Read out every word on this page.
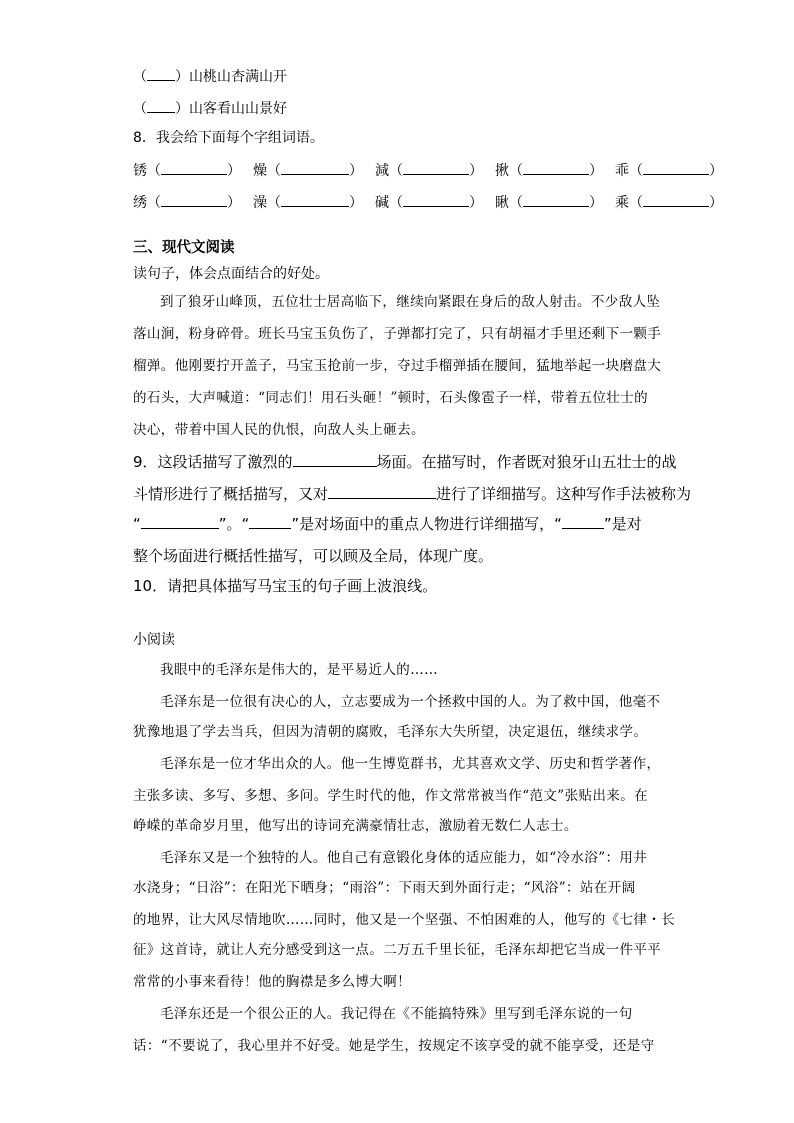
（ ）山桃山杏满山开
（ ）山客看山山景好
8．我会给下面每个字组词语。
锈（	） 燥（	） 減（	） 揪（	） 乖（	）
绣（	） 澡（	） 碱（	） 瞅（	） 乘（	）
三、现代文阅读
读句子，体会点面结合的好处。
到了狼牙山峰顶，五位壮士居高临下，继续向紧跟在身后的敌人射击。不少敌人坠
落山涧，粉身碎骨。班长马宝玉负伤了，子弹都打完了，只有胡福才手里还剩下一颗手
榴弹。他刚要拧开盖子，马宝玉抢前一步，夺过手榴弹插在腰间，猛地举起一块磨盘大
的石头，大声喊道：“同志们！用石头砸！”顿时，石头像雹子一样，带着五位壮士的
决心，带着中国人民的仇恨，向敌人头上砸去。
9．这段话描写了激烈的	场面。在描写时，作者既对狼牙山五壮士的战
斗情形进行了概括描写，又对	进行了详细描写。这种写作手法被称为
“	”。“	”是对场面中的重点人物进行详细描写，“	”是对
整个场面进行概括性描写，可以顾及全局，体现广度。
10．请把具体描写马宝玉的句子画上波浪线。
小阅读
我眼中的毛泽东是伟大的，是平易近人的……
毛泽东是一位很有决心的人，立志要成为一个拯救中国的人。为了救中国，他毫不
犹豫地退了学去当兵，但因为清朝的腐败，毛泽东大失所望，决定退伍，继续求学。
毛泽东是一位才华出众的人。他一生博览群书，尤其喜欢文学、历史和哲学著作，
主张多读、多写、多想、多问。学生时代的他，作文常常被当作“范文”张贴出来。在
峥嵘的革命岁月里，他写出的诗词充满豪情壮志，激励着无数仁人志士。
毛泽东又是一个独特的人。他自己有意锻化身体的适应能力，如“冷水浴”：用井
水浇身；“日浴”：在阳光下晒身；“雨浴”：下雨天到外面行走；“风浴”：站在开阔
的地界，让大风尽情地吹……同时，他又是一个坚强、不怕困难的人，他写的《七律・长
征》这首诗，就让人充分感受到这一点。二万五千里长征，毛泽东却把它当成一件平平
常常的小事来看待！他的胸襟是多么博大啊！
毛泽东还是一个很公正的人。我记得在《不能搞特殊》里写到毛泽东说的一句
话：“不要说了，我心里并不好受。她是学生，按规定不该享受的就不能享受，还是守
